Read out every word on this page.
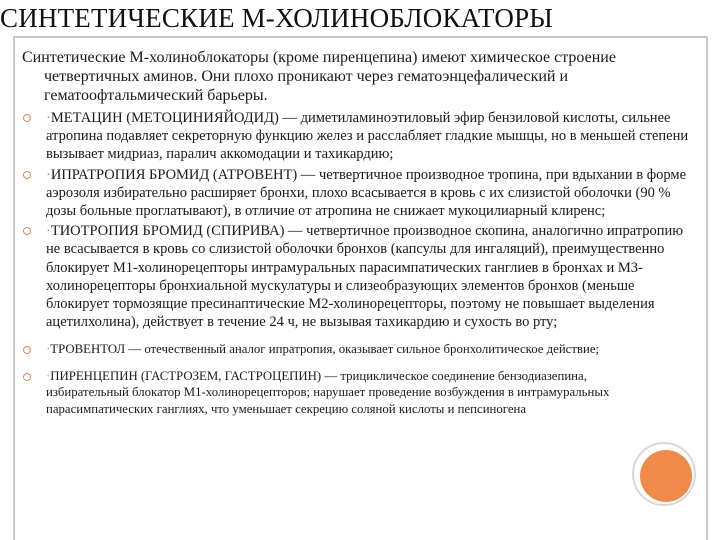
СИНТЕТИЧЕСКИЕ М-ХОЛИНОБЛОКАТОРЫ

Синтетические М-холиноблокаторы (кроме пиренцепина) имеют химическое строение четвертичных аминов. Они плохо проникают через гематоэнцефалический и гематоофтальмический барьеры.

·МЕТАЦИН (МЕТОЦИНИЯЙОДИД) — диметиламиноэтиловый эфир бензиловой кислоты, сильнее атропина подавляет секреторную функцию желез и расслабляет гладкие мышцы, но в меньшей степени вызывает мидриаз, паралич аккомодации и тахикардию;
·ИПРАТРОПИЯ БРОМИД (АТРОВЕНТ) — четвертичное производное тропина, при вдыхании в форме аэрозоля избирательно расширяет бронхи, плохо всасывается в кровь с их слизистой оболочки (90 % дозы больные проглатывают), в отличие от атропина не снижает мукоцилиарный клиренс;
·ТИОТРОПИЯ БРОМИД (СПИРИВА) — четвертичное производное скопина, аналогично ипратропию не всасывается в кровь со слизистой оболочки бронхов (капсулы для ингаляций), преимущественно блокирует М1-холинорецепторы интрамуральных парасимпатических ганглиев в бронхах и М3-холинорецепторы бронхиальной мускулатуры и слизеобразующих элементов бронхов (меньше блокирует тормозящие пресинаптические М2-холинорецепторы, поэтому не повышает выделения ацетилхолина), действует в течение 24 ч, не вызывая тахикардию и сухость во рту;
·ТРОВЕНТОЛ — отечественный аналог ипратропия, оказывает сильное бронхолитическое действие;
·ПИРЕНЦЕПИН (ГАСТРОЗЕМ, ГАСТРОЦЕПИН) — трициклическое соединение бензодиазепина, избирательный блокатор М1-холинорецепторов; нарушает проведение возбуждения в интрамуральных парасимпатических ганглиях, что уменьшает секрецию соляной кислоты и пепсиногена
